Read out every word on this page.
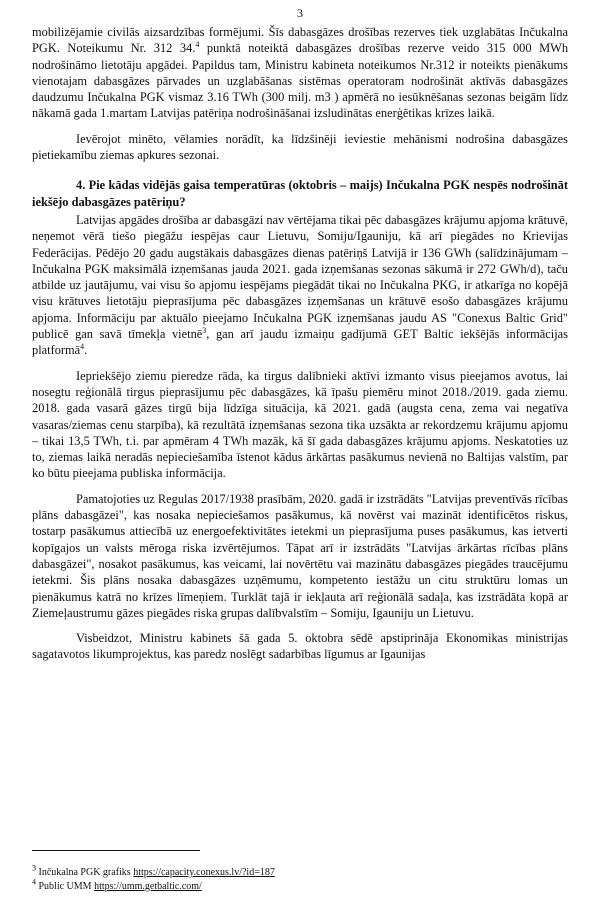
3

mobilizējamie civilās aizsardzības formējumi. Šīs dabasgāzes drošības rezerves tiek uzglabātas Inčukalna PGK. Noteikumu Nr. 312 34.$^4$ punktā noteiktā dabasgāzes drošības rezerve veido 315 000 MWh nodrošināmo lietotāju apgādei. Papildus tam, Ministru kabineta noteikumos Nr.312 ir noteikts pienākums vienotajam dabasgāzes pārvades un uzglabāšanas sistēmas operatoram nodrošināt aktīvās dabasgāzes daudzumu Inčukalna PGK vismaz 3.16 TWh (300 milj. m3 ) apmērā no iesūknēšanas sezonas beigām līdz nākamā gada 1.martam Latvijas patēriņa nodrošināšanai izsludinātas enerģētikas krīzes laikā.

Ievērojot minēto, vēlamies norādīt, ka līdzšinēji ieviestie mehānismi nodrošina dabasgāzes pietiekamību ziemas apkures sezonai.

4. Pie kādas vidējās gaisa temperatūras (oktobris – maijs) Inčukalna PGK nespēs nodrošināt iekšējo dabasgāzes patēriņu?

Latvijas apgādes drošība ar dabasgāzi nav vērtējama tikai pēc dabasgāzes krājumu apjoma krātuvē, neņemot vērā tiešo piegāžu iespējas caur Lietuvu, Somiju/Igauniju, kā arī piegādes no Krievijas Federācijas. Pēdējo 20 gadu augstākais dabasgāzes dienas patēriņš Latvijā ir 136 GWh (salīdzinājumam – Inčukalna PGK maksimālā izņemšanas jauda 2021. gada izņemšanas sezonas sākumā ir 272 GWh/d), taču atbilde uz jautājumu, vai visu šo apjomu iespējams piegādāt tikai no Inčukalna PKG, ir atkarīga no kopējā visu krātuves lietotāju pieprasījuma pēc dabasgāzes izņemšanas un krātuvē esošo dabasgāzes krājumu apjoma. Informāciju par aktuālo pieejamo Inčukalna PGK izņemšanas jaudu AS "Conexus Baltic Grid" publicē gan savā tīmekļa vietnē$^3$, gan arī jaudu izmaiņu gadījumā GET Baltic iekšējās informācijas platformā$^4$.

Iepriekšējo ziemu pieredze rāda, ka tirgus dalībnieki aktīvi izmanto visus pieejamos avotus, lai nosegtu reģionālā tirgus pieprasījumu pēc dabasgāzes, kā īpašu piemēru minot 2018./2019. gada ziemu. 2018. gada vasarā gāzes tirgū bija līdzīga situācija, kā 2021. gadā (augsta cena, zema vai negatīva vasaras/ziemas cenu starpība), kā rezultātā izņemšanas sezona tika uzsākta ar rekordzemu krājumu apjomu – tikai 13,5 TWh, t.i. par apmēram 4 TWh mazāk, kā šī gada dabasgāzes krājumu apjoms. Neskatoties uz to, ziemas laikā neradās nepieciešamība īstenot kādus ārkārtas pasākumus nevienā no Baltijas valstīm, par ko būtu pieejama publiska informācija.

Pamatojoties uz Regulas 2017/1938 prasībām, 2020. gadā ir izstrādāts "Latvijas preventīvās rīcības plāns dabasgāzei", kas nosaka nepieciešamos pasākumus, kā novērst vai mazināt identificētos riskus, tostarp pasākumus attiecībā uz energoefektivitātes ietekmi un pieprasījuma puses pasākumus, kas ietverti kopīgajos un valsts mēroga riska izvērtējumos. Tāpat arī ir izstrādāts "Latvijas ārkārtas rīcības plāns dabasgāzei", nosakot pasākumus, kas veicami, lai novērtētu vai mazinātu dabasgāzes piegādes traucējumu ietekmi. Šis plāns nosaka dabasgāzes uzņēmumu, kompetento iestāžu un citu struktūru lomas un pienākumus katrā no krīzes līmeņiem. Turklāt tajā ir iekļauta arī reģionālā sadaļa, kas izstrādāta kopā ar Ziemeļaustrumu gāzes piegādes riska grupas dalībvalstīm – Somiju, Igauniju un Lietuvu.

Visbeidzot, Ministru kabinets šā gada 5. oktobra sēdē apstiprināja Ekonomikas ministrijas sagatavotos likumprojektus, kas paredz noslēgt sadarbības līgumus ar Igaunijas

$^3$ Inčukalna PGK grafiks https://capacity.conexus.lv/?id=187
$^4$ Public UMM https://umm.getbaltic.com/
